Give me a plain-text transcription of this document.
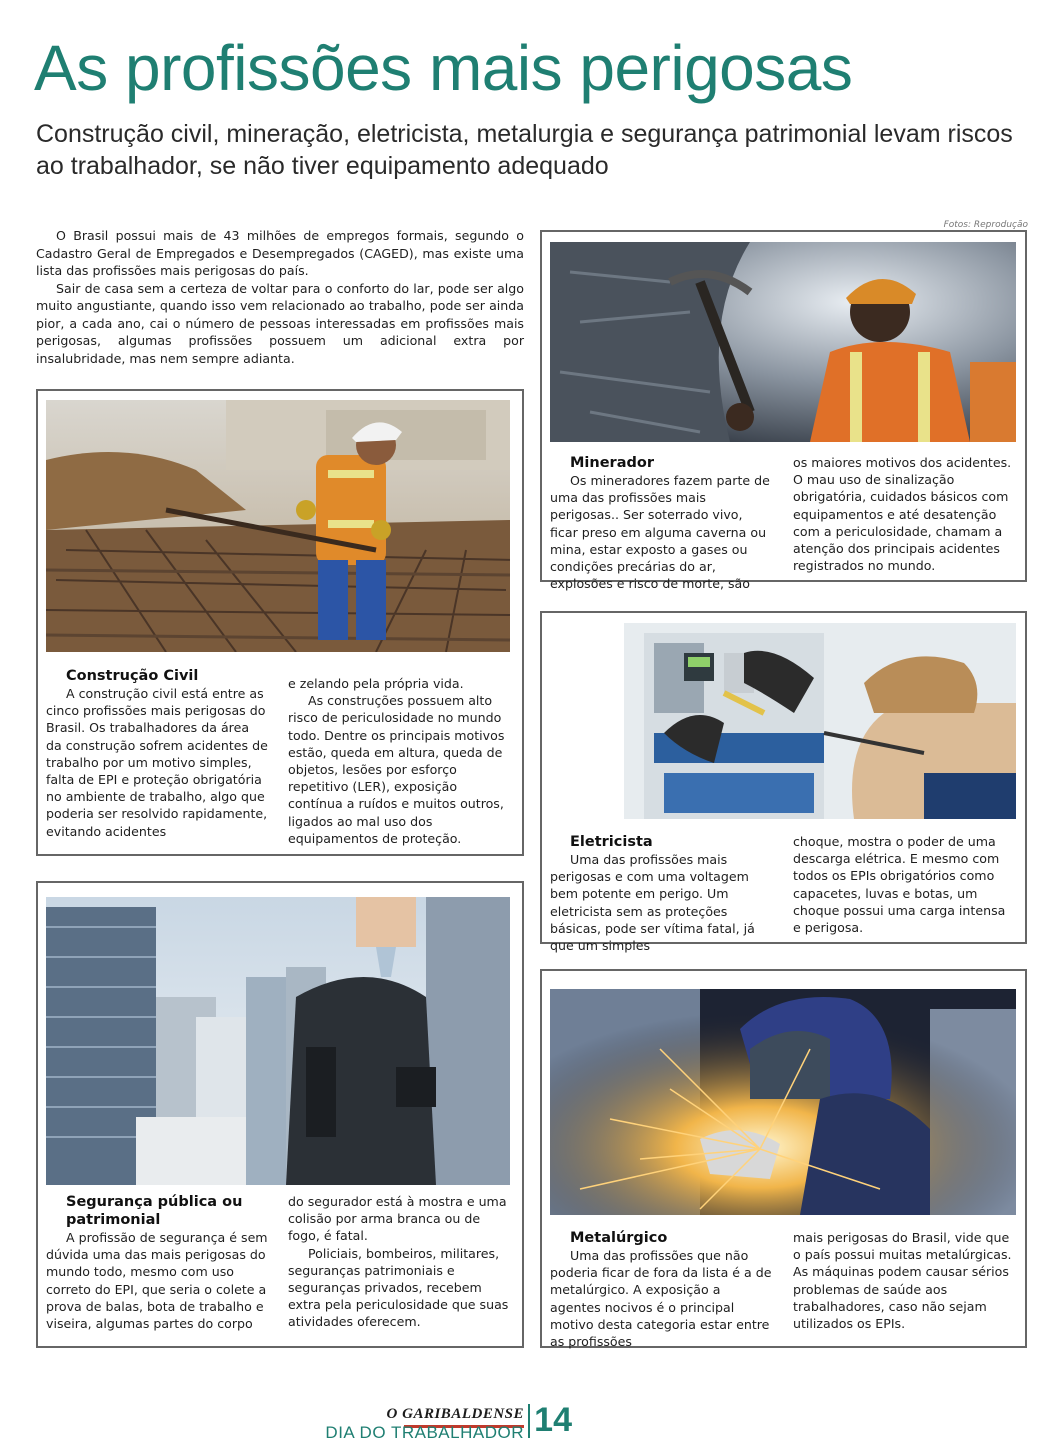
As profissões mais perigosas

Construção civil, mineração, eletricista, metalurgia e segurança patrimonial levam riscos ao trabalhador, se não tiver equipamento adequado

O Brasil possui mais de 43 milhões de empregos formais, segundo o Cadastro Geral de Empregados e Desempregados (CAGED), mas existe uma lista das profissões mais perigosas do país.

Sair de casa sem a certeza de voltar para o conforto do lar, pode ser algo muito angustiante, quando isso vem relacionado ao trabalho, pode ser ainda pior, a cada ano, cai o número de pessoas interessadas em profissões mais perigosas, algumas profissões possuem um adicional extra por insalubridade, mas nem sempre adianta.

Fotos: Reprodução
Construção Civil

A construção civil está entre as cinco profissões mais perigosas do Brasil. Os trabalhadores da área da construção sofrem acidentes de trabalho por um motivo simples, falta de EPI e proteção obrigatória no ambiente de trabalho, algo que poderia ser resolvido rapidamente, evitando acidentes

e zelando pela própria vida.

As construções possuem alto risco de periculosidade no mundo todo. Dentre os principais motivos estão, queda em altura, queda de objetos, lesões por esforço repetitivo (LER), exposição contínua a ruídos e muitos outros, ligados ao mal uso dos equipamentos de proteção.

Minerador

Os mineradores fazem parte de uma das profissões mais perigosas.. Ser soterrado vivo, ficar preso em alguma caverna ou mina, estar exposto a gases ou condições precárias do ar, explosões e risco de morte, são

os maiores motivos dos acidentes. O mau uso de sinalização obrigatória, cuidados básicos com equipamentos e até desatenção com a periculosidade, chamam a atenção dos principais acidentes registrados no mundo.

Eletricista

Uma das profissões mais perigosas e com uma voltagem bem potente em perigo. Um eletricista sem as proteções básicas, pode ser vítima fatal, já que um simples

choque, mostra o poder de uma descarga elétrica. E mesmo com todos os EPIs obrigatórios como capacetes, luvas e botas, um choque possui uma carga intensa e perigosa.

Segurança pública ou patrimonial

A profissão de segurança é sem dúvida uma das mais perigosas do mundo todo, mesmo com uso correto do EPI, que seria o colete a prova de balas, bota de trabalho e viseira, algumas partes do corpo

do segurador está à mostra e uma colisão por arma branca ou de fogo, é fatal.

Policiais, bombeiros, militares, seguranças patrimoniais e seguranças privados, recebem extra pela periculosidade que suas atividades oferecem.

Metalúrgico

Uma das profissões que não poderia ficar de fora da lista é a de metalúrgico. A exposição a agentes nocivos é o principal motivo desta categoria estar entre as profissões

mais perigosas do Brasil, vide que o país possui muitas metalúrgicas. As máquinas podem causar sérios problemas de saúde aos trabalhadores, caso não sejam utilizados os EPIs.

O GARIBALDENSE
DIA DO TRABALHADOR 14
